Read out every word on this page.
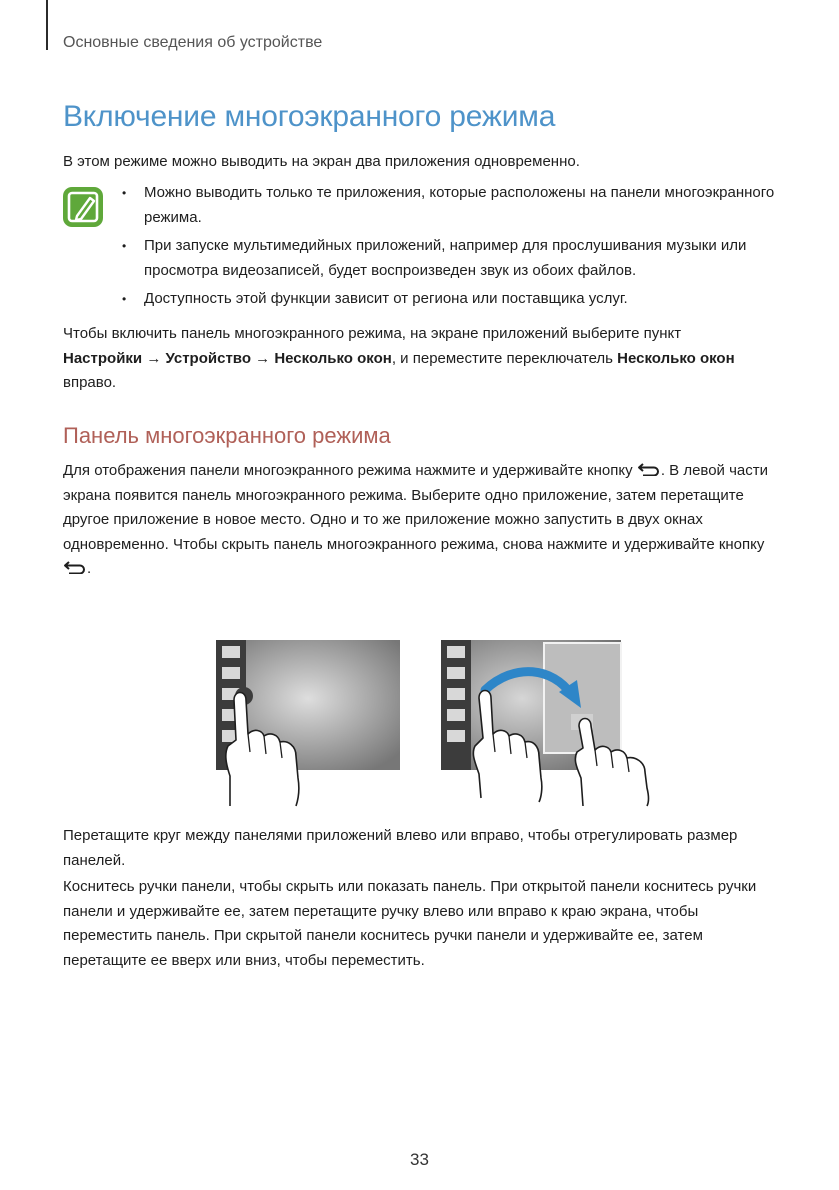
Основные сведения об устройстве
Включение многоэкранного режима

В этом режиме можно выводить на экран два приложения одновременно.

• Можно выводить только те приложения, которые расположены на панели многоэкранного режима.
• При запуске мультимедийных приложений, например для прослушивания музыки или просмотра видеозаписей, будет воспроизведен звук из обоих файлов.
• Доступность этой функции зависит от региона или поставщика услуг.

Чтобы включить панель многоэкранного режима, на экране приложений выберите пункт
Настройки → Устройство → Несколько окон, и переместите переключатель Несколько окон
вправо.

Панель многоэкранного режима

Для отображения панели многоэкранного режима нажмите и удерживайте кнопку . В левой части экрана появится панель многоэкранного режима. Выберите одно приложение, затем перетащите другое приложение в новое место. Одно и то же приложение можно запустить в двух окнах одновременно. Чтобы скрыть панель многоэкранного режима, снова нажмите и удерживайте кнопку .

Перетащите круг между панелями приложений влево или вправо, чтобы отрегулировать размер панелей.

Коснитесь ручки панели, чтобы скрыть или показать панель. При открытой панели коснитесь ручки панели и удерживайте ее, затем перетащите ручку влево или вправо к краю экрана, чтобы переместить панель. При скрытой панели коснитесь ручки панели и удерживайте ее, затем перетащите ее вверх или вниз, чтобы переместить.

33
